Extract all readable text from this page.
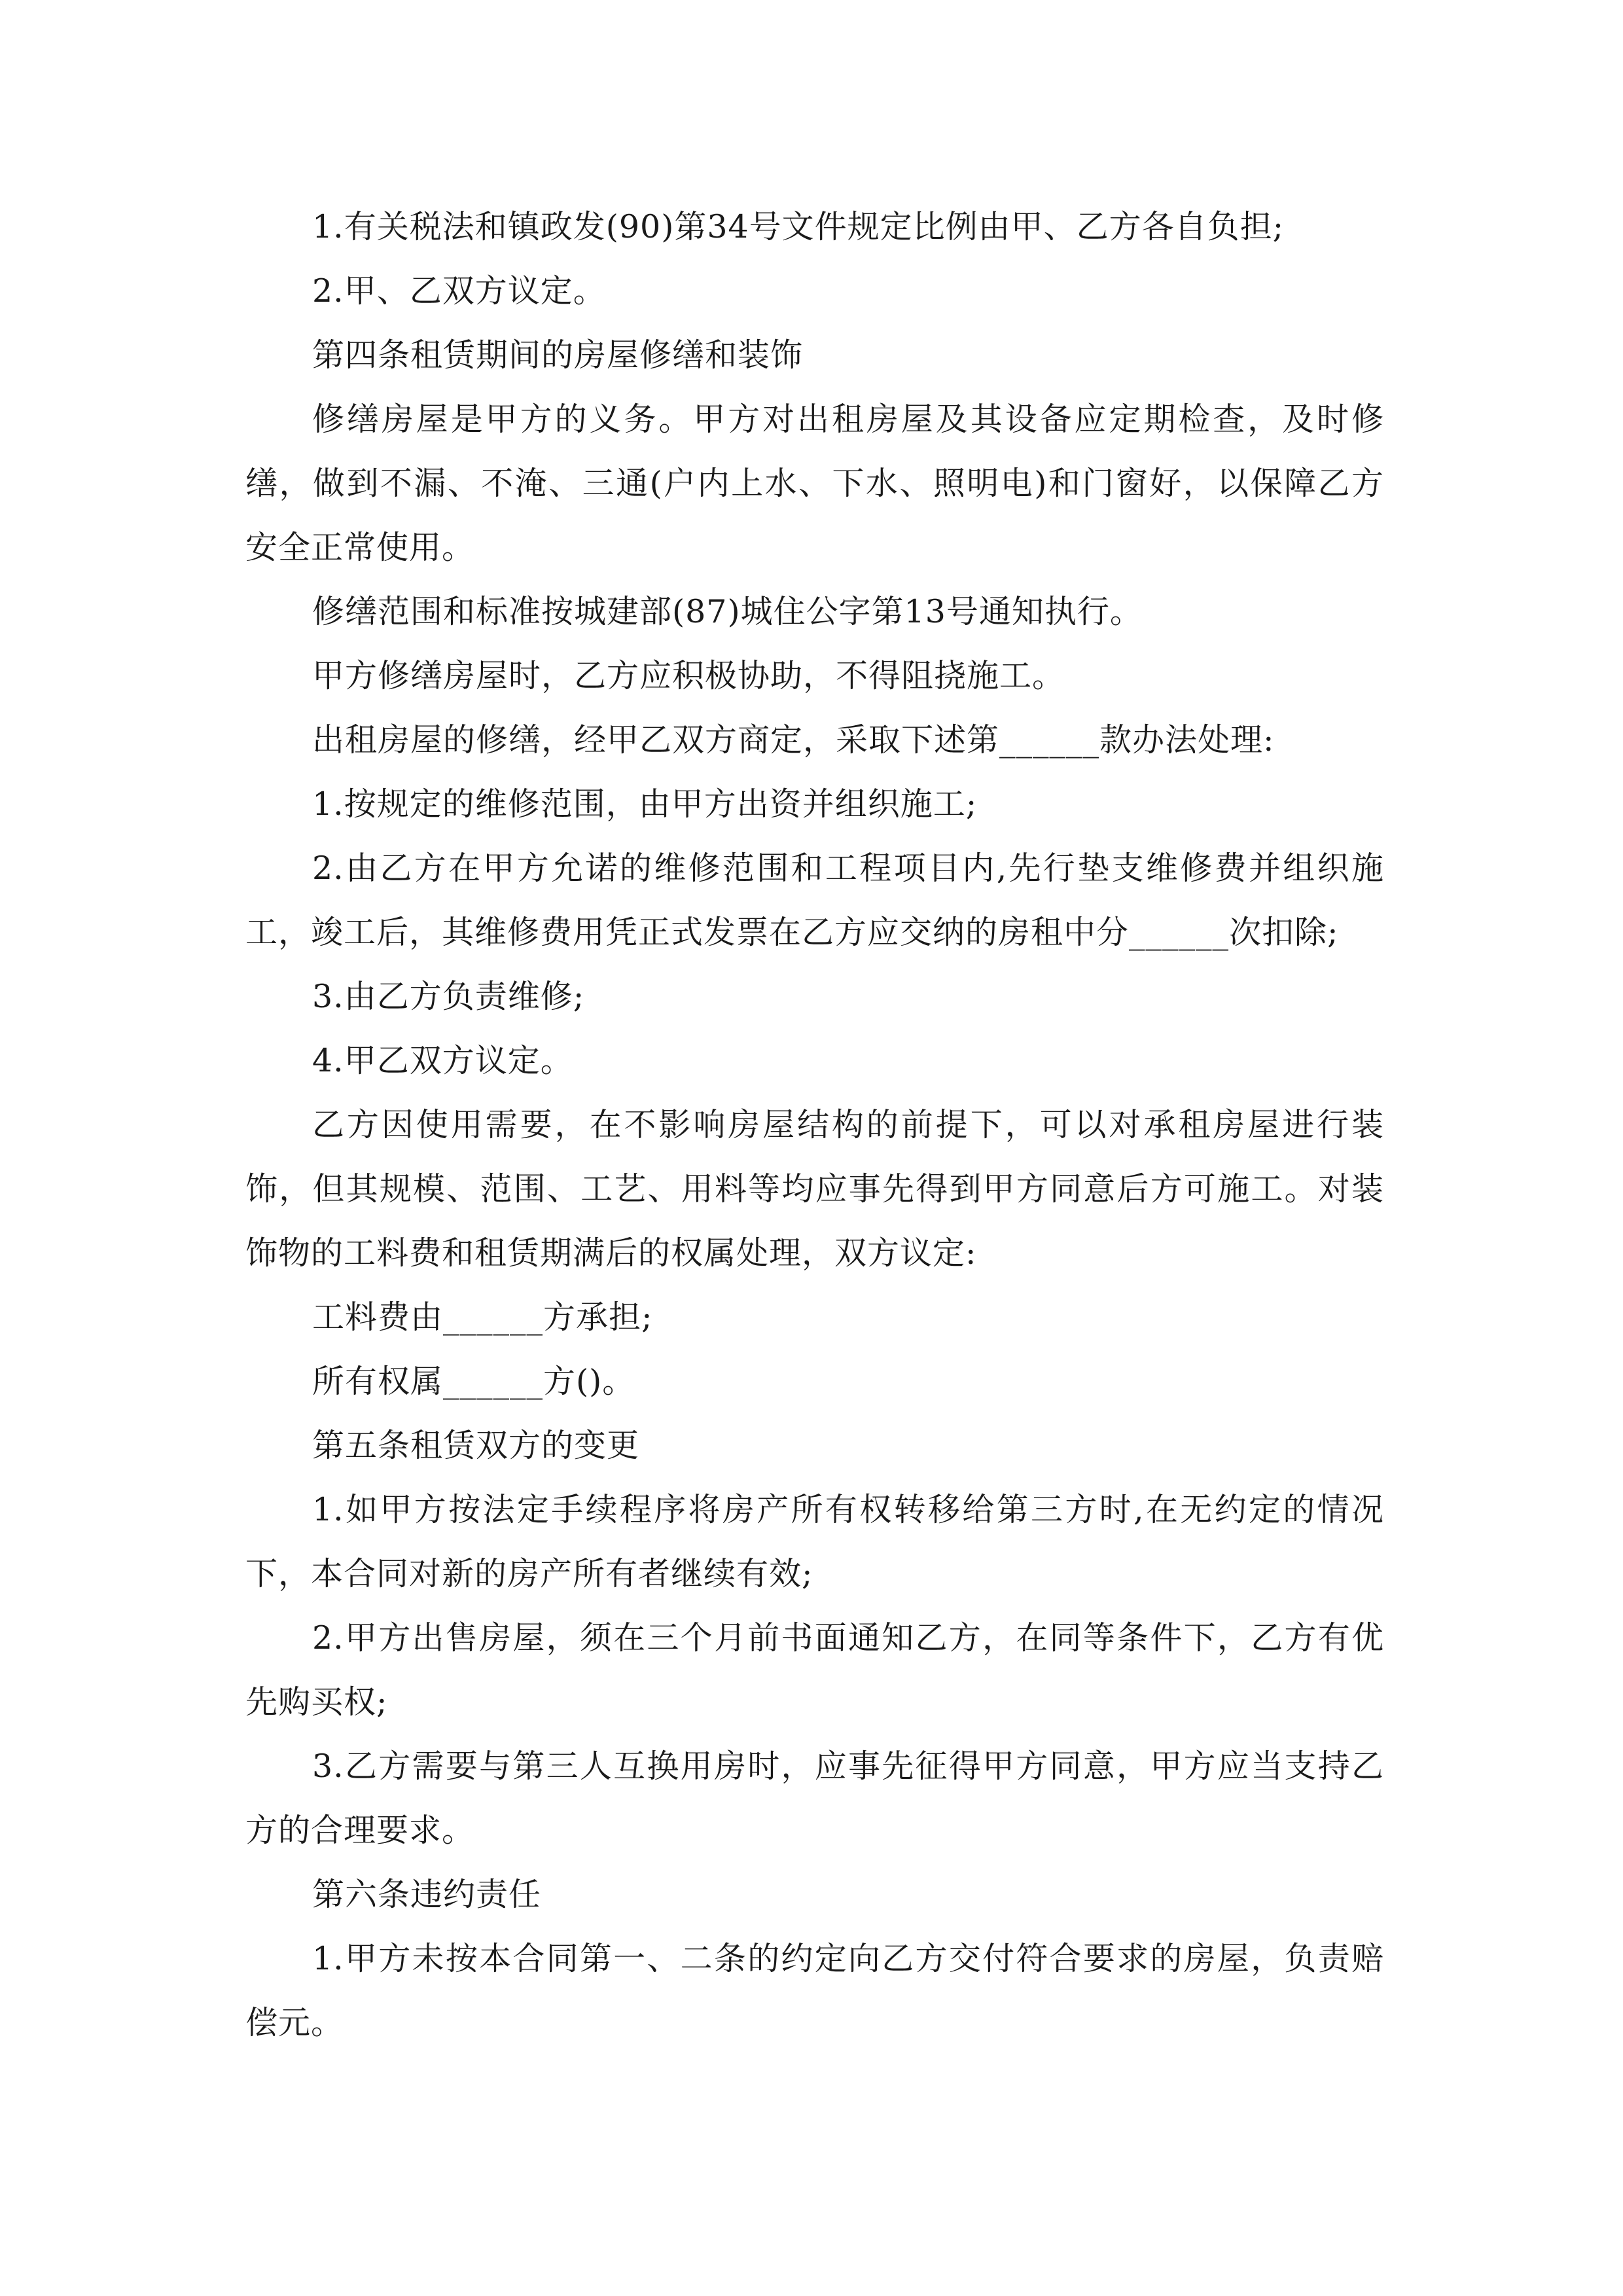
1.有关税法和镇政发(90)第34号文件规定比例由甲、乙方各自负担;

2.甲、乙双方议定。

第四条租赁期间的房屋修缮和装饰

修缮房屋是甲方的义务。甲方对出租房屋及其设备应定期检查，及时修缮，做到不漏、不淹、三通(户内上水、下水、照明电)和门窗好，以保障乙方安全正常使用。

修缮范围和标准按城建部(87)城住公字第13号通知执行。

甲方修缮房屋时，乙方应积极协助，不得阻挠施工。

出租房屋的修缮，经甲乙双方商定，采取下述第______款办法处理:

1.按规定的维修范围，由甲方出资并组织施工;

2.由乙方在甲方允诺的维修范围和工程项目内,先行垫支维修费并组织施工，竣工后，其维修费用凭正式发票在乙方应交纳的房租中分______次扣除;

3.由乙方负责维修;

4.甲乙双方议定。

乙方因使用需要，在不影响房屋结构的前提下，可以对承租房屋进行装饰，但其规模、范围、工艺、用料等均应事先得到甲方同意后方可施工。对装饰物的工料费和租赁期满后的权属处理，双方议定:

工料费由______方承担;

所有权属______方()。

第五条租赁双方的变更

1.如甲方按法定手续程序将房产所有权转移给第三方时,在无约定的情况下，本合同对新的房产所有者继续有效;

2.甲方出售房屋，须在三个月前书面通知乙方，在同等条件下，乙方有优先购买权;

3.乙方需要与第三人互换用房时，应事先征得甲方同意，甲方应当支持乙方的合理要求。

第六条违约责任

1.甲方未按本合同第一、二条的约定向乙方交付符合要求的房屋，负责赔偿元。
